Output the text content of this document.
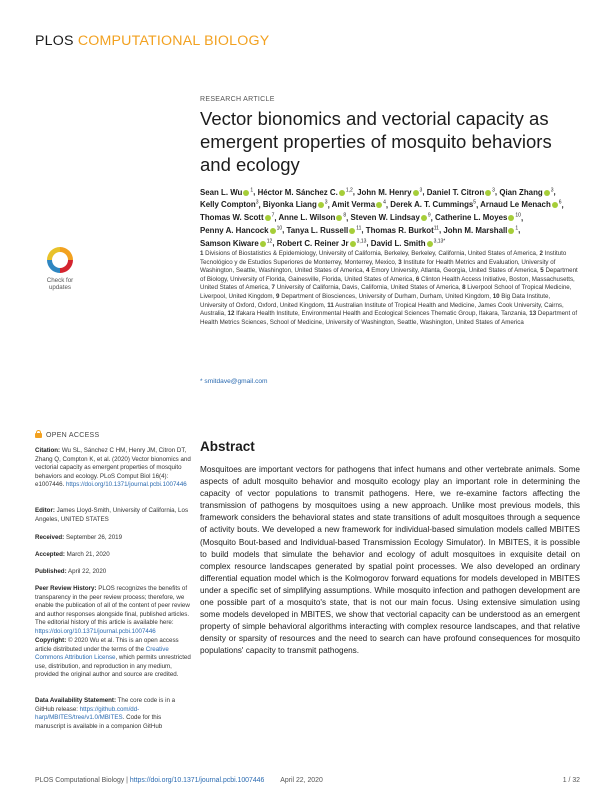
PLOS COMPUTATIONAL BIOLOGY
RESEARCH ARTICLE
Vector bionomics and vectorial capacity as emergent properties of mosquito behaviors and ecology
Sean L. Wu $^1$, Héctor M. Sánchez C. $^{1,2}$, John M. Henry $^3$, Daniel T. Citron $^3$, Qian Zhang $^3$, Kelly Compton$^3$, Biyonka Liang $^3$, Amit Verma $^4$, Derek A. T. Cummings$^5$, Arnaud Le Menach $^6$, Thomas W. Scott $^7$, Anne L. Wilson $^8$, Steven W. Lindsay $^9$, Catherine L. Moyes $^{10}$, Penny A. Hancock $^{10}$, Tanya L. Russell $^{11}$, Thomas R. Burkot$^{11}$, John M. Marshall $^1$, Samson Kiware $^{12}$, Robert C. Reiner Jr $^{3,13}$, David L. Smith $^{3,13*}$
1 Divisions of Biostatistics & Epidemiology, University of California, Berkeley, Berkeley, California, United States of America, 2 Instituto Tecnológico y de Estudios Superiores de Monterrey, Monterrey, Mexico, 3 Institute for Health Metrics and Evaluation, University of Washington, Seattle, Washington, United States of America, 4 Emory University, Atlanta, Georgia, United States of America, 5 Department of Biology, University of Florida, Gainesville, Florida, United States of America, 6 Clinton Health Access Initiative, Boston, Massachusetts, United States of America, 7 University of California, Davis, California, United States of America, 8 Liverpool School of Tropical Medicine, Liverpool, United Kingdom, 9 Department of Biosciences, University of Durham, Durham, United Kingdom, 10 Big Data Institute, University of Oxford, Oxford, United Kingdom, 11 Australian Institute of Tropical Health and Medicine, James Cook University, Cairns, Australia, 12 Ifakara Health Institute, Environmental Health and Ecological Sciences Thematic Group, Ifakara, Tanzania, 13 Department of Health Metrics Sciences, School of Medicine, University of Washington, Seattle, Washington, United States of America
* smitdave@gmail.com
Check for updates
OPEN ACCESS
Citation: Wu SL, Sánchez C HM, Henry JM, Citron DT, Zhang Q, Compton K, et al. (2020) Vector bionomics and vectorial capacity as emergent properties of mosquito behaviors and ecology. PLoS Comput Biol 16(4): e1007446. https://doi.org/10.1371/journal.pcbi.1007446
Editor: James Lloyd-Smith, University of California, Los Angeles, UNITED STATES
Received: September 26, 2019
Accepted: March 21, 2020
Published: April 22, 2020
Peer Review History: PLOS recognizes the benefits of transparency in the peer review process; therefore, we enable the publication of all of the content of peer review and author responses alongside final, published articles. The editorial history of this article is available here: https://doi.org/10.1371/journal.pcbi.1007446
Copyright: © 2020 Wu et al. This is an open access article distributed under the terms of the Creative Commons Attribution License, which permits unrestricted use, distribution, and reproduction in any medium, provided the original author and source are credited.
Data Availability Statement: The core code is in a GitHub release: https://github.com/dd-harp/MBITES/tree/v1.0/MBITES. Code for this manuscript is available in a companion GitHub
Abstract

Mosquitoes are important vectors for pathogens that infect humans and other vertebrate animals. Some aspects of adult mosquito behavior and mosquito ecology play an important role in determining the capacity of vector populations to transmit pathogens. Here, we re-examine factors affecting the transmission of pathogens by mosquitoes using a new approach. Unlike most previous models, this framework considers the behavioral states and state transitions of adult mosquitoes through a sequence of activity bouts. We developed a new framework for individual-based simulation models called MBITES (Mosquito Bout-based and Individual-based Transmission Ecology Simulator). In MBITES, it is possible to build models that simulate the behavior and ecology of adult mosquitoes in exquisite detail on complex resource landscapes generated by spatial point processes. We also developed an ordinary differential equation model which is the Kolmogorov forward equations for models developed in MBITES under a specific set of simplifying assumptions. While mosquito infection and pathogen development are one possible part of a mosquito's state, that is not our main focus. Using extensive simulation using some models developed in MBITES, we show that vectorial capacity can be understood as an emergent property of simple behavioral algorithms interacting with complex resource landscapes, and that relative density or sparsity of resources and the need to search can have profound consequences for mosquito populations' capacity to transmit pathogens.

PLOS Computational Biology | https://doi.org/10.1371/journal.pcbi.1007446 April 22, 2020	1 / 32
